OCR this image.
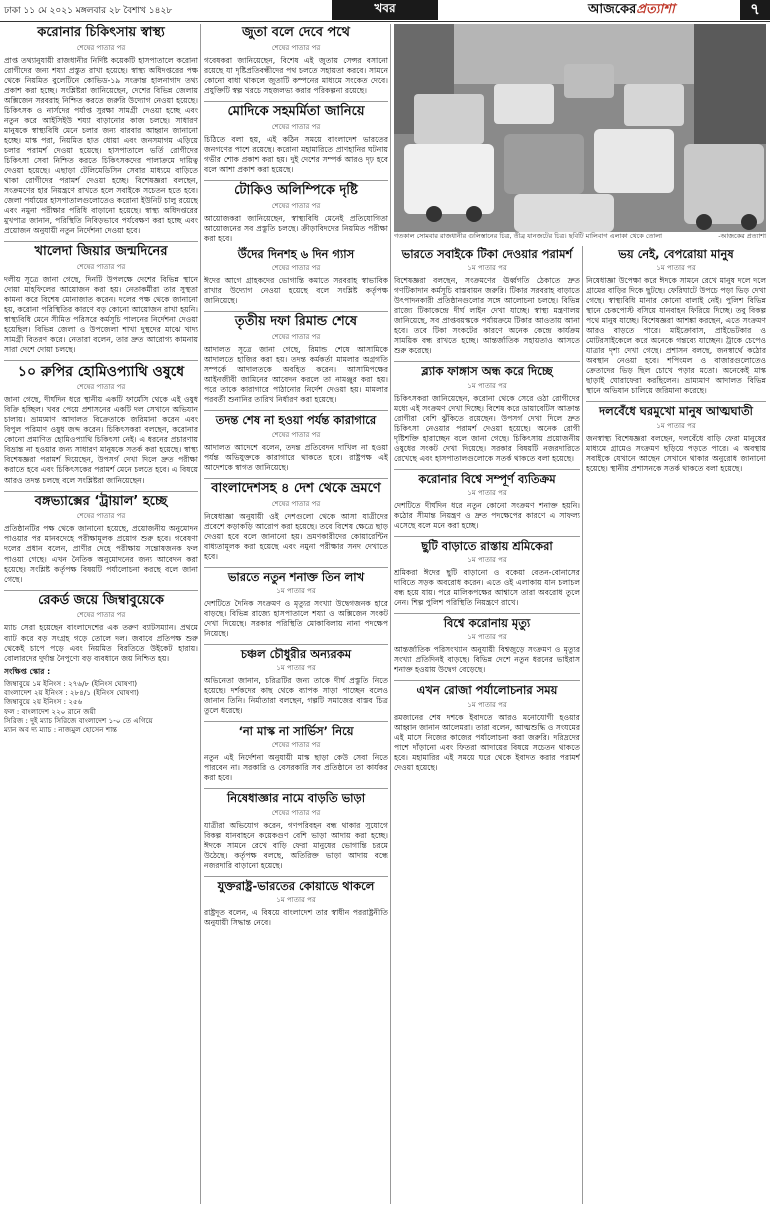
ঢাকা ১১ মে ২০২১ মঙ্গলবার ২৮ বৈশাখ ১৪২৮	খবর	আজকের প্রত্যাশা	৭
করোনার চিকিৎসায় স্বাস্থ্য
শেষের পাতার পর

প্রাপ্ত তথ্যানুযায়ী রাজধানীর নির্দিষ্ট কয়েকটি হাসপাতালে করোনা রোগীদের জন্য শয্যা প্রস্তুত রাখা হয়েছে। স্বাস্থ্য অধিদপ্তরের পক্ষ থেকে নিয়মিত বুলেটিনে কোভিড-১৯ সংক্রান্ত হালনাগাদ তথ্য প্রকাশ করা হচ্ছে। সংশ্লিষ্টরা জানিয়েছেন, দেশের বিভিন্ন জেলায় অক্সিজেন সরবরাহ নিশ্চিত করতে জরুরি উদ্যোগ নেওয়া হয়েছে। চিকিৎসক ও নার্সদের পর্যাপ্ত সুরক্ষা সামগ্রী দেওয়া হচ্ছে এবং নতুন করে আইসিইউ শয্যা বাড়ানোর কাজ চলছে। সাধারণ মানুষকে স্বাস্থ্যবিধি মেনে চলার জন্য বারবার আহ্বান জানানো হচ্ছে। মাস্ক পরা, নিয়মিত হাত ধোয়া এবং জনসমাগম এড়িয়ে চলার পরামর্শ দেওয়া হয়েছে। হাসপাতালে ভর্তি রোগীদের চিকিৎসা সেবা নিশ্চিত করতে চিকিৎসকদের পালাক্রমে দায়িত্ব দেওয়া হয়েছে। এছাড়া টেলিমেডিসিন সেবার মাধ্যমে বাড়িতে থাকা রোগীদের পরামর্শ দেওয়া হচ্ছে। বিশেষজ্ঞরা বলছেন, সংক্রমণের হার নিয়ন্ত্রণে রাখতে হলে সবাইকে সচেতন হতে হবে। জেলা পর্যায়ের হাসপাতালগুলোতেও করোনা ইউনিট চালু রয়েছে এবং নমুনা পরীক্ষার পরিধি বাড়ানো হয়েছে। স্বাস্থ্য অধিদপ্তরের মুখপাত্র জানান, পরিস্থিতি নিবিড়ভাবে পর্যবেক্ষণ করা হচ্ছে এবং প্রয়োজন অনুযায়ী নতুন নির্দেশনা দেওয়া হবে।

খালেদা জিয়ার জন্মদিনের
শেষের পাতার পর

দলীয় সূত্রে জানা গেছে, দিনটি উপলক্ষে দেশের বিভিন্ন স্থানে দোয়া মাহফিলের আয়োজন করা হয়। নেতাকর্মীরা তার সুস্থতা কামনা করে বিশেষ মোনাজাত করেন। দলের পক্ষ থেকে জানানো হয়, করোনা পরিস্থিতির কারণে বড় কোনো আয়োজন রাখা হয়নি। স্বাস্থ্যবিধি মেনে সীমিত পরিসরে কর্মসূচি পালনের নির্দেশনা দেওয়া হয়েছিল। বিভিন্ন জেলা ও উপজেলা শাখা দুস্থদের মাঝে খাদ্য সামগ্রী বিতরণ করে। নেতারা বলেন, তার দ্রুত আরোগ্য কামনায় সারা দেশে দোয়া চলছে।

১০ রুপির হোমিওপ্যাথি ওষুধে
শেষের পাতার পর

জানা গেছে, দীর্ঘদিন ধরে স্থানীয় একটি ফার্মেসি থেকে এই ওষুধ বিক্রি হচ্ছিল। খবর পেয়ে প্রশাসনের একটি দল সেখানে অভিযান চালায়। ভ্রাম্যমাণ আদালত বিক্রেতাকে জরিমানা করেন এবং বিপুল পরিমাণ ওষুধ জব্দ করেন। চিকিৎসকরা বলছেন, করোনার কোনো প্রমাণিত হোমিওপ্যাথি চিকিৎসা নেই। এ ধরনের প্রচারণায় বিভ্রান্ত না হওয়ার জন্য সাধারণ মানুষকে সতর্ক করা হয়েছে। স্বাস্থ্য বিশেষজ্ঞরা পরামর্শ দিয়েছেন, উপসর্গ দেখা দিলে দ্রুত পরীক্ষা করাতে হবে এবং চিকিৎসকের পরামর্শ মেনে চলতে হবে। এ বিষয়ে আরও তদন্ত চলছে বলে সংশ্লিষ্টরা জানিয়েছেন।

বঙ্গভ্যাক্সের ‘ট্রায়াল’ হচ্ছে
শেষের পাতার পর

প্রতিষ্ঠানটির পক্ষ থেকে জানানো হয়েছে, প্রয়োজনীয় অনুমোদন পাওয়ার পর মানবদেহে পরীক্ষামূলক প্রয়োগ শুরু হবে। গবেষণা দলের প্রধান বলেন, প্রাণীর দেহে পরীক্ষায় সন্তোষজনক ফল পাওয়া গেছে। এখন নৈতিক অনুমোদনের জন্য আবেদন করা হয়েছে। সংশ্লিষ্ট কর্তৃপক্ষ বিষয়টি পর্যালোচনা করছে বলে জানা গেছে।

রেকর্ড জয়ে জিম্বাবুয়েকে
শেষের পাতার পর

ম্যাচ সেরা হয়েছেন বাংলাদেশের এক তরুণ ব্যাটসম্যান। প্রথমে ব্যাট করে বড় সংগ্রহ গড়ে তোলে দল। জবাবে প্রতিপক্ষ শুরু থেকেই চাপে পড়ে এবং নিয়মিত বিরতিতে উইকেট হারায়। বোলারদের দুর্দান্ত নৈপুণ্যে বড় ব্যবধানে জয় নিশ্চিত হয়।

সংক্ষিপ্ত স্কোর :
জিম্বাবুয়ে ১ম ইনিংস : ২৭৬/৮ (ইনিংস ঘোষণা)
বাংলাদেশ ২য় ইনিংস : ২৮৪/১ (ইনিংস ঘোষণা)
জিম্বাবুয়ে ২য় ইনিংস : ২৫৬
ফল : বাংলাদেশ ২২০ রানে জয়ী
সিরিজ : দুই ম্যাচ সিরিজে বাংলাদেশ ১-০ তে এগিয়ে
ম্যান অব দ্য ম্যাচ : নাজমুল হোসেন শান্ত
জুতা বলে দেবে পথে
শেষের পাতার পর

গবেষকরা জানিয়েছেন, বিশেষ এই জুতায় সেন্সর বসানো রয়েছে যা দৃষ্টিপ্রতিবন্ধীদের পথ চলতে সহায়তা করবে। সামনে কোনো বাধা থাকলে জুতাটি কম্পনের মাধ্যমে সংকেত দেবে। প্রযুক্তিটি স্বল্প খরচে সহজলভ্য করার পরিকল্পনা রয়েছে।

মোদিকে সহমর্মিতা জানিয়ে
শেষের পাতার পর

চিঠিতে বলা হয়, এই কঠিন সময়ে বাংলাদেশ ভারতের জনগণের পাশে রয়েছে। করোনা মহামারিতে প্রাণহানির ঘটনায় গভীর শোক প্রকাশ করা হয়। দুই দেশের সম্পর্ক আরও দৃঢ় হবে বলে আশা প্রকাশ করা হয়েছে।

টোকিও অলিম্পিকে দৃষ্টি
শেষের পাতার পর

আয়োজকরা জানিয়েছেন, স্বাস্থ্যবিধি মেনেই প্রতিযোগিতা আয়োজনের সব প্রস্তুতি চলছে। ক্রীড়াবিদদের নিয়মিত পরীক্ষা করা হবে।

উঁদের দিনশহ ৬ দিন গ্যাস
শেষের পাতার পর

ঈদের আগে গ্রাহকদের ভোগান্তি কমাতে সরবরাহ স্বাভাবিক রাখার উদ্যোগ নেওয়া হয়েছে বলে সংশ্লিষ্ট কর্তৃপক্ষ জানিয়েছে।

তৃতীয় দফা রিমান্ড শেষে
শেষের পাতার পর

আদালত সূত্রে জানা গেছে, রিমান্ড শেষে আসামিকে আদালতে হাজির করা হয়। তদন্ত কর্মকর্তা মামলার অগ্রগতি সম্পর্কে আদালতকে অবহিত করেন। আসামিপক্ষের আইনজীবী জামিনের আবেদন করলে তা নামঞ্জুর করা হয়। পরে তাকে কারাগারে পাঠানোর নির্দেশ দেওয়া হয়। মামলার পরবর্তী শুনানির তারিখ নির্ধারণ করা হয়েছে।

তদন্ত শেষ না হওয়া পর্যন্ত কারাগারে
শেষের পাতার পর

আদালত আদেশে বলেন, তদন্ত প্রতিবেদন দাখিল না হওয়া পর্যন্ত অভিযুক্তকে কারাগারে থাকতে হবে। রাষ্ট্রপক্ষ এই আদেশকে স্বাগত জানিয়েছে।

বাংলাদেশসহ ৪ দেশ থেকে ভ্রমণে
শেষের পাতার পর

নিষেধাজ্ঞা অনুযায়ী ওই দেশগুলো থেকে আসা যাত্রীদের প্রবেশে কড়াকড়ি আরোপ করা হয়েছে। তবে বিশেষ ক্ষেত্রে ছাড় দেওয়া হবে বলে জানানো হয়। ভ্রমণকারীদের কোয়ারেন্টিন বাধ্যতামূলক করা হয়েছে এবং নমুনা পরীক্ষার সনদ দেখাতে হবে।

ভারতে নতুন শনাক্ত তিন লাখ
১ম পাতার পর

দেশটিতে দৈনিক সংক্রমণ ও মৃত্যুর সংখ্যা উদ্বেগজনক হারে বাড়ছে। বিভিন্ন রাজ্যে হাসপাতালে শয্যা ও অক্সিজেন সংকট দেখা দিয়েছে। সরকার পরিস্থিতি মোকাবিলায় নানা পদক্ষেপ নিয়েছে।

চঞ্চল চৌধুরীর অন্যরকম
১ম পাতার পর

অভিনেতা জানান, চরিত্রটির জন্য তাকে দীর্ঘ প্রস্তুতি নিতে হয়েছে। দর্শকদের কাছ থেকে ব্যাপক সাড়া পাচ্ছেন বলেও জানান তিনি। নির্মাতারা বলছেন, গল্পটি সমাজের বাস্তব চিত্র তুলে ধরেছে।

‘না মাস্ক না সার্ভিস’ নিয়ে
শেষের পাতার পর

নতুন এই নির্দেশনা অনুযায়ী মাস্ক ছাড়া কেউ সেবা নিতে পারবেন না। সরকারি ও বেসরকারি সব প্রতিষ্ঠানে তা কার্যকর করা হবে।

নিষেধাজ্ঞার নামে বাড়তি ভাড়া
শেষের পাতার পর

যাত্রীরা অভিযোগ করেন, গণপরিবহন বন্ধ থাকার সুযোগে বিকল্প যানবাহনে কয়েকগুণ বেশি ভাড়া আদায় করা হচ্ছে। ঈদকে সামনে রেখে বাড়ি ফেরা মানুষের ভোগান্তি চরমে উঠেছে। কর্তৃপক্ষ বলছে, অতিরিক্ত ভাড়া আদায় বন্ধে নজরদারি বাড়ানো হয়েছে।

যুক্তরাষ্ট্র-ভারতের কোয়াডে থাকলে
১ম পাতার পর

রাষ্ট্রদূত বলেন, এ বিষয়ে বাংলাদেশ তার স্বাধীন পররাষ্ট্রনীতি অনুযায়ী সিদ্ধান্ত নেবে।

গতকাল সোমবার রাজধানীর গুলিস্তানের চিত্র, তীব্র যানজটের চিত্র। ছবিটি মালিবাগ এলাকা থেকে তোলা	-আজকের প্রত্যাশা
ভারতে সবাইকে টিকা দেওয়ার পরামর্শ
১ম পাতার পর

বিশেষজ্ঞরা বলছেন, সংক্রমণের ঊর্ধ্বগতি ঠেকাতে দ্রুত গণটিকাদান কর্মসূচি বাস্তবায়ন জরুরি। টিকার সরবরাহ বাড়াতে উৎপাদনকারী প্রতিষ্ঠানগুলোর সঙ্গে আলোচনা চলছে। বিভিন্ন রাজ্যে টিকাকেন্দ্রে দীর্ঘ লাইন দেখা যাচ্ছে। স্বাস্থ্য মন্ত্রণালয় জানিয়েছে, সব প্রাপ্তবয়স্ককে পর্যায়ক্রমে টিকার আওতায় আনা হবে। তবে টিকা সংকটের কারণে অনেক কেন্দ্রে কার্যক্রম সাময়িক বন্ধ রাখতে হচ্ছে। আন্তর্জাতিক সহায়তাও আসতে শুরু করেছে।

ব্ল্যাক ফাঙ্গাস অন্ধ করে দিচ্ছে
১ম পাতার পর

চিকিৎসকরা জানিয়েছেন, করোনা থেকে সেরে ওঠা রোগীদের মধ্যে এই সংক্রমণ দেখা দিচ্ছে। বিশেষ করে ডায়াবেটিস আক্রান্ত রোগীরা বেশি ঝুঁকিতে রয়েছেন। উপসর্গ দেখা দিলে দ্রুত চিকিৎসা নেওয়ার পরামর্শ দেওয়া হয়েছে। অনেক রোগী দৃষ্টিশক্তি হারাচ্ছেন বলে জানা গেছে। চিকিৎসায় প্রয়োজনীয় ওষুধের সংকট দেখা দিয়েছে। সরকার বিষয়টি নজরদারিতে রেখেছে এবং হাসপাতালগুলোকে সতর্ক থাকতে বলা হয়েছে।

করোনার বিশ্বে সম্পূর্ণ ব্যতিক্রম
১ম পাতার পর

দেশটিতে দীর্ঘদিন ধরে নতুন কোনো সংক্রমণ শনাক্ত হয়নি। কঠোর সীমান্ত নিয়ন্ত্রণ ও দ্রুত পদক্ষেপের কারণে এ সাফল্য এসেছে বলে মনে করা হচ্ছে।

ছুটি বাড়াতে রাস্তায় শ্রমিকেরা
১ম পাতার পর

শ্রমিকরা ঈদের ছুটি বাড়ানো ও বকেয়া বেতন-বোনাসের দাবিতে সড়ক অবরোধ করেন। এতে ওই এলাকায় যান চলাচল বন্ধ হয়ে যায়। পরে মালিকপক্ষের আশ্বাসে তারা অবরোধ তুলে নেন। শিল্প পুলিশ পরিস্থিতি নিয়ন্ত্রণে রাখে।

বিশ্বে করোনায় মৃত্যু
১ম পাতার পর

আন্তর্জাতিক পরিসংখ্যান অনুযায়ী বিশ্বজুড়ে সংক্রমণ ও মৃত্যুর সংখ্যা প্রতিদিনই বাড়ছে। বিভিন্ন দেশে নতুন ধরনের ভাইরাস শনাক্ত হওয়ায় উদ্বেগ বেড়েছে।

এখন রোজা পর্যালোচনার সময়
১ম পাতার পর

রমজানের শেষ দশকে ইবাদতে আরও মনোযোগী হওয়ার আহ্বান জানান আলেমরা। তারা বলেন, আত্মশুদ্ধি ও সংযমের এই মাসে নিজের কাজের পর্যালোচনা করা জরুরি। দরিদ্রদের পাশে দাঁড়ানো এবং ফিতরা আদায়ের বিষয়ে সচেতন থাকতে হবে। মহামারির এই সময়ে ঘরে থেকে ইবাদত করার পরামর্শ দেওয়া হয়েছে।

ভয় নেই, বেপরোয়া মানুষ
১ম পাতার পর

নিষেধাজ্ঞা উপেক্ষা করে ঈদকে সামনে রেখে মানুষ দলে দলে গ্রামের বাড়ির দিকে ছুটছে। ফেরিঘাটে উপচে পড়া ভিড় দেখা গেছে। স্বাস্থ্যবিধি মানার কোনো বালাই নেই। পুলিশ বিভিন্ন স্থানে চেকপোস্ট বসিয়ে যানবাহন ফিরিয়ে দিচ্ছে। তবু বিকল্প পথে মানুষ যাচ্ছে। বিশেষজ্ঞরা আশঙ্কা করছেন, এতে সংক্রমণ আরও বাড়তে পারে। মাইক্রোবাস, প্রাইভেটকার ও মোটরসাইকেলে করে অনেকে গন্তব্যে যাচ্ছেন। ট্রাকে চেপেও যাত্রার দৃশ্য দেখা গেছে। প্রশাসন বলছে, জনস্বার্থে কঠোর অবস্থান নেওয়া হবে। শপিংমল ও বাজারগুলোতেও ক্রেতাদের ভিড় ছিল চোখে পড়ার মতো। অনেকেই মাস্ক ছাড়াই ঘোরাফেরা করছিলেন। ভ্রাম্যমাণ আদালত বিভিন্ন স্থানে অভিযান চালিয়ে জরিমানা করেছে।

দলবেঁধে ঘরমুখো মানুষ আত্মঘাতী
১ম পাতার পর

জনস্বাস্থ্য বিশেষজ্ঞরা বলছেন, দলবেঁধে বাড়ি ফেরা মানুষের মাধ্যমে গ্রামেও সংক্রমণ ছড়িয়ে পড়তে পারে। এ অবস্থায় সবাইকে যেখানে আছেন সেখানে থাকার অনুরোধ জানানো হয়েছে। স্থানীয় প্রশাসনকে সতর্ক থাকতে বলা হয়েছে।
